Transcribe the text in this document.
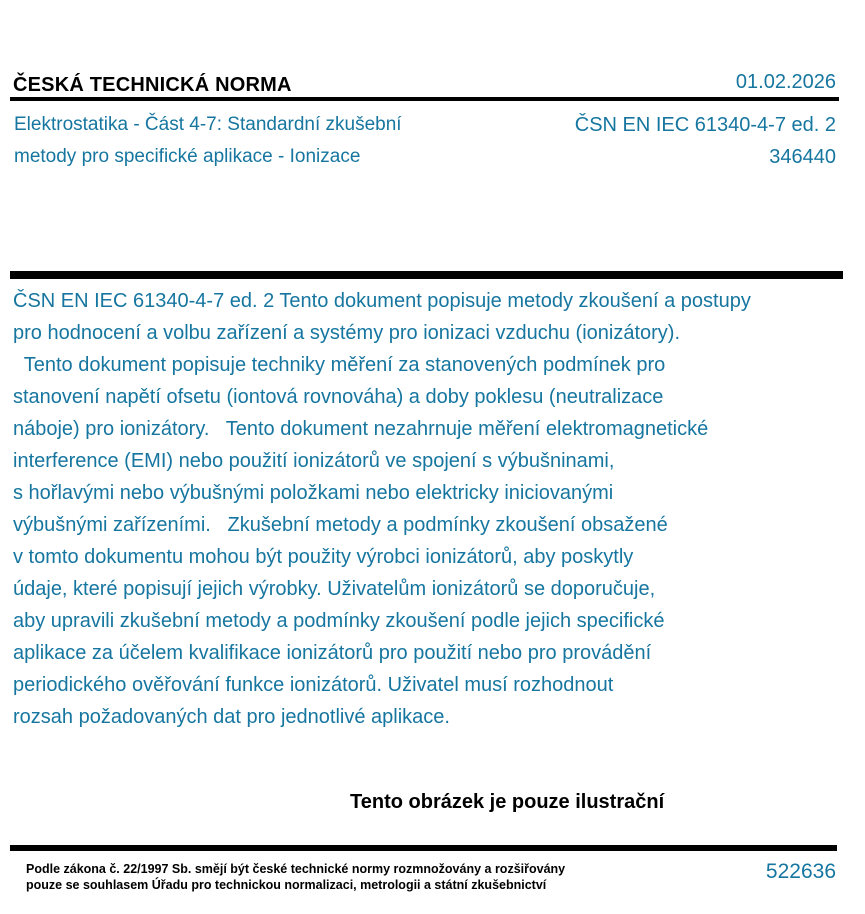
ČESKÁ TECHNICKÁ NORMA	01.02.2026
Elektrostatika - Část 4-7: Standardní zkušební
metody pro specifické aplikace - Ionizace
ČSN EN IEC 61340-4-7 ed. 2
346440
ČSN EN IEC 61340-4-7 ed. 2 Tento dokument popisuje metody zkoušení a postupy
pro hodnocení a volbu zařízení a systémy pro ionizaci vzduchu (ionizátory).
Tento dokument popisuje techniky měření za stanovených podmínek pro
stanovení napětí ofsetu (iontová rovnováha) a doby poklesu (neutralizace
náboje) pro ionizátory.   Tento dokument nezahrnuje měření elektromagnetické
interference (EMI) nebo použití ionizátorů ve spojení s výbušninami,
s hořlavými nebo výbušnými položkami nebo elektricky iniciovanými
výbušnými zařízeními.   Zkušební metody a podmínky zkoušení obsažené
v tomto dokumentu mohou být použity výrobci ionizátorů, aby poskytly
údaje, které popisují jejich výrobky. Uživatelům ionizátorů se doporučuje,
aby upravili zkušební metody a podmínky zkoušení podle jejich specifické
aplikace za účelem kvalifikace ionizátorů pro použití nebo pro provádění
periodického ověřování funkce ionizátorů. Uživatel musí rozhodnout
rozsah požadovaných dat pro jednotlivé aplikace.
Tento obrázek je pouze ilustrační
Podle zákona č. 22/1997 Sb. smějí být české technické normy rozmnožovány a rozšiřovány
pouze se souhlasem Úřadu pro technickou normalizaci, metrologii a státní zkušebnictví
522636
